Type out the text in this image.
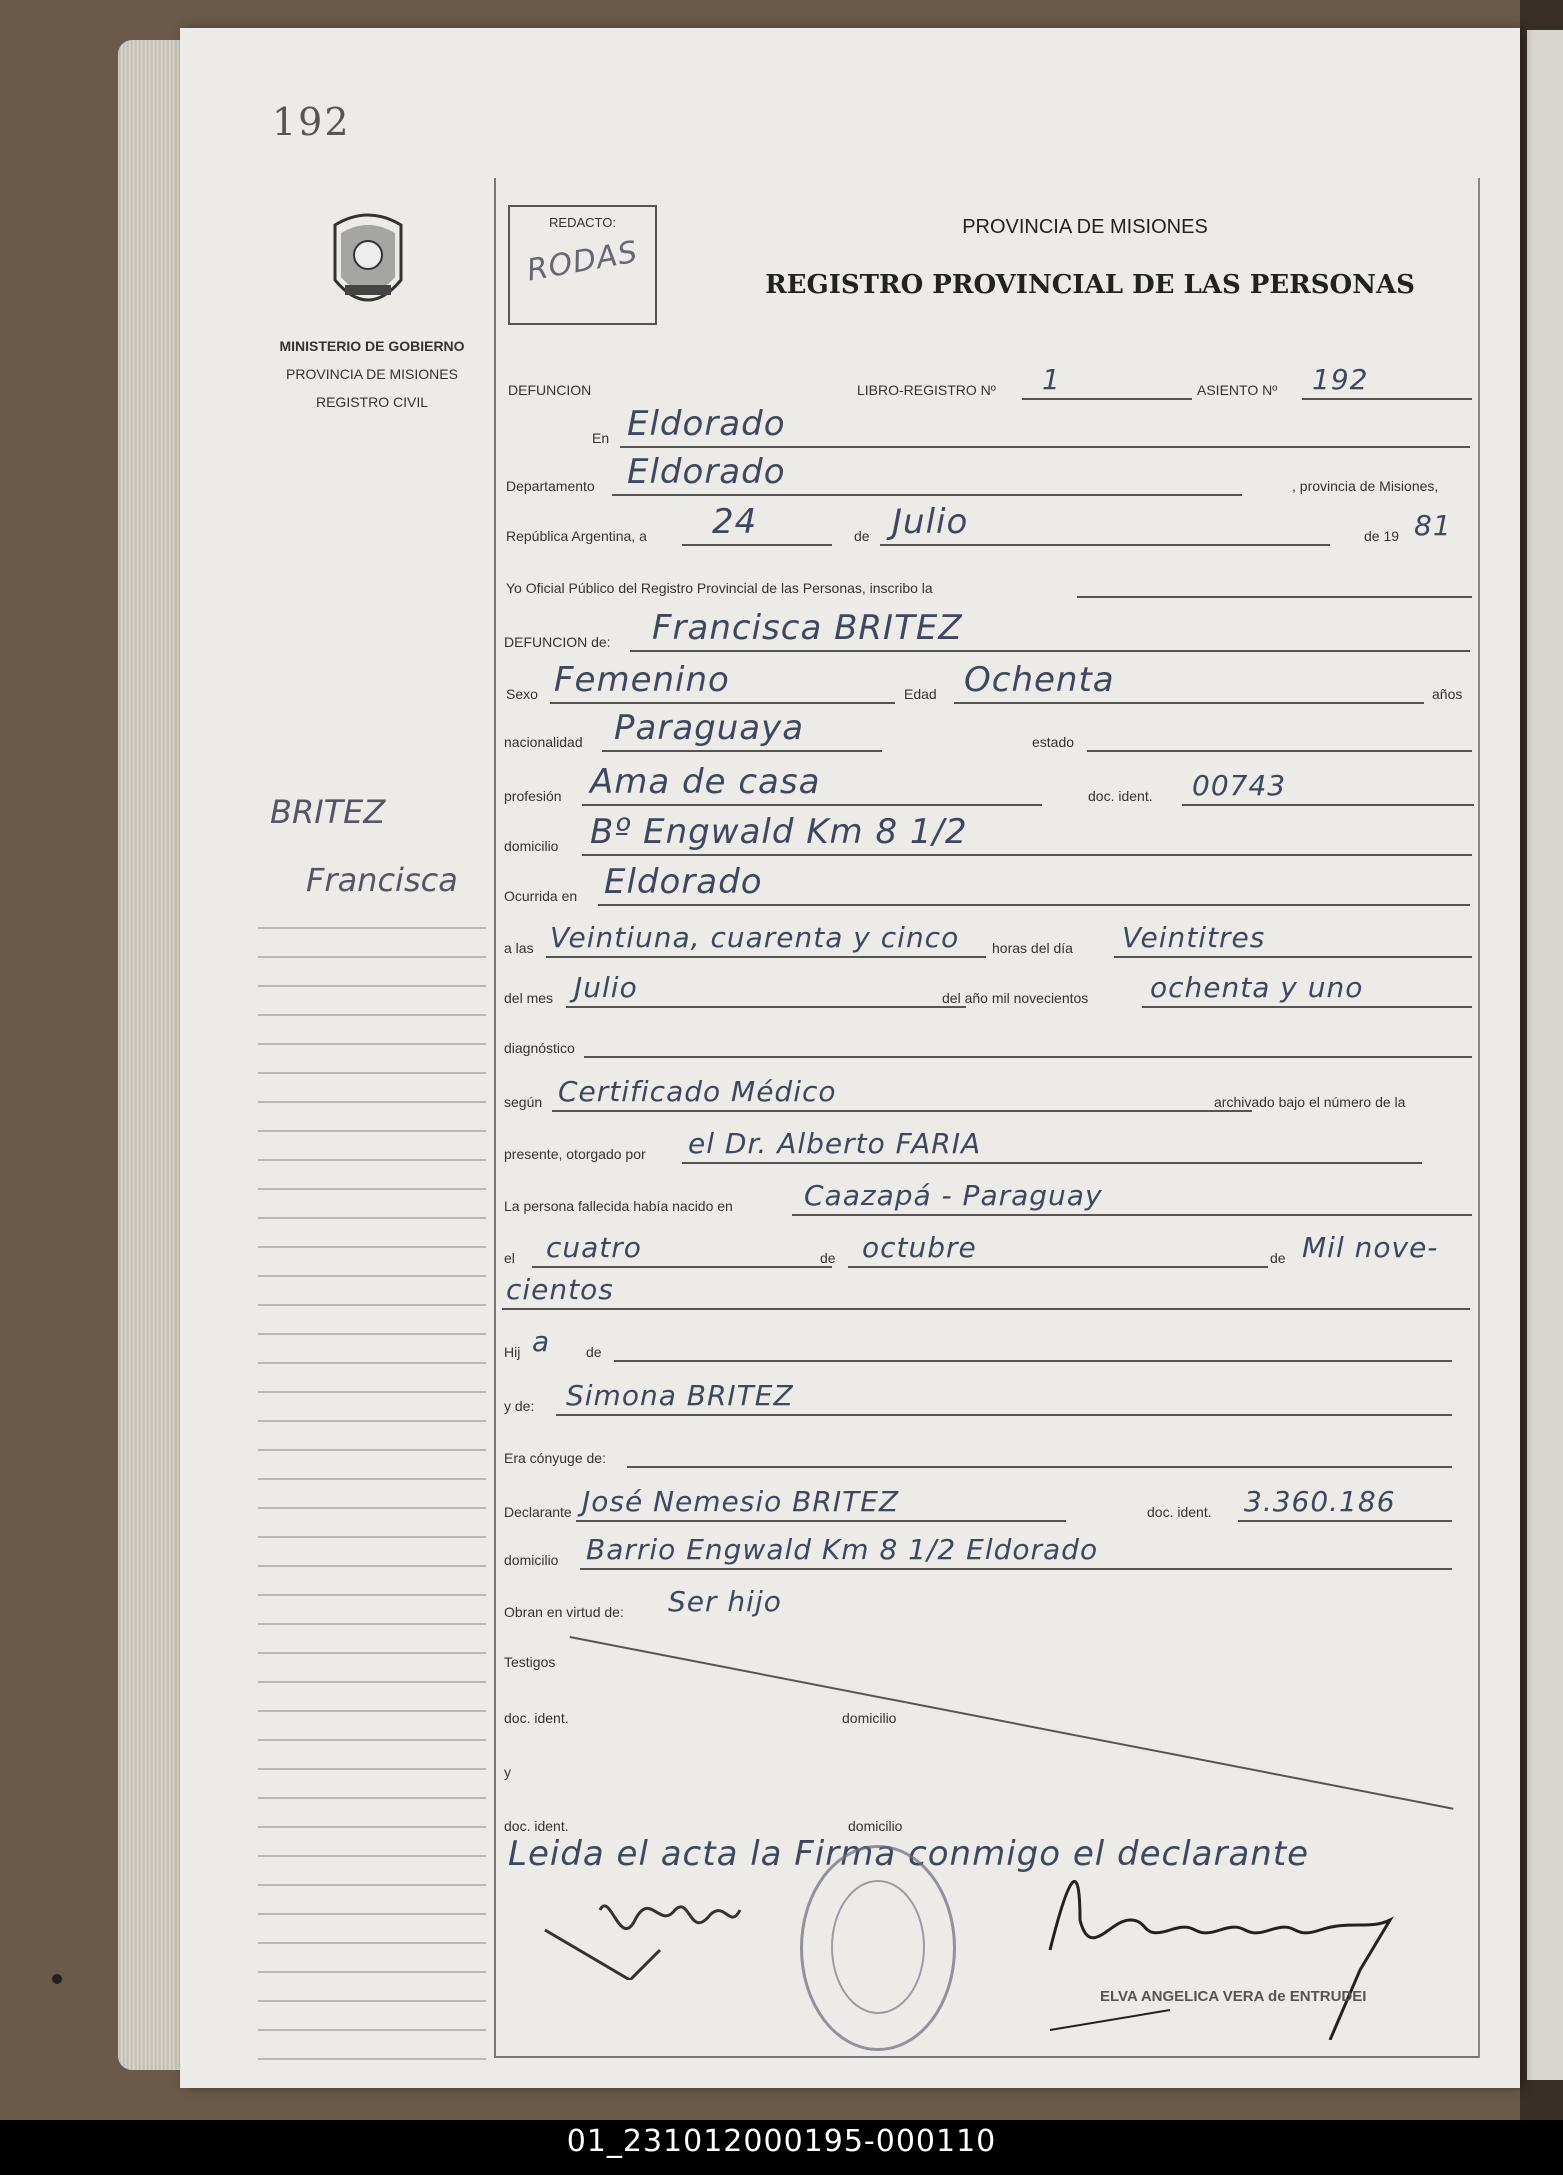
192
MINISTERIO DE GOBIERNO
PROVINCIA DE MISIONES
REGISTRO CIVIL
BRITEZ
Francisca
REDACTO:
RODAS
PROVINCIA DE MISIONES
REGISTRO PROVINCIAL DE LAS PERSONAS
DEFUNCION	LIBRO-REGISTRO Nº 1	ASIENTO Nº 192
En Eldorado
Departamento Eldorado	, provincia de Misiones,
República Argentina, a 24	de Julio	de 19 81
Yo Oficial Público del Registro Provincial de las Personas, inscribo la
DEFUNCION de: Francisca BRITEZ
Sexo Femenino	Edad Ochenta	años
nacionalidad Paraguaya	estado
profesión Ama de casa	doc. ident. 00743
domicilio Bº Engwald Km 8 1/2
Ocurrida en Eldorado
a las Veintiuna, cuarenta y cinco horas del día Veintitres
del mes Julio	del año mil novecientos ochenta y uno
diagnóstico
según Certificado Médico	archivado bajo el número de la
presente, otorgado por el Dr. Alberto FARIA
La persona fallecida había nacido en	Caazapá - Paraguay
el cuatro	de octubre	de Mil nove-
cientos
Hij a	de
y de: Simona BRITEZ
Era cónyuge de:
Declarante José Nemesio BRITEZ	doc. ident. 3.360.186
domicilio Barrio Engwald Km 8 1/2 Eldorado
Obran en virtud de: Ser hijo
Testigos
doc. ident.	domicilio
y
doc. ident.	domicilio
Leida el acta la Firma conmigo el declarante
ELVA ANGELICA VERA de ENTRUDEI
01_231012000195-000110
